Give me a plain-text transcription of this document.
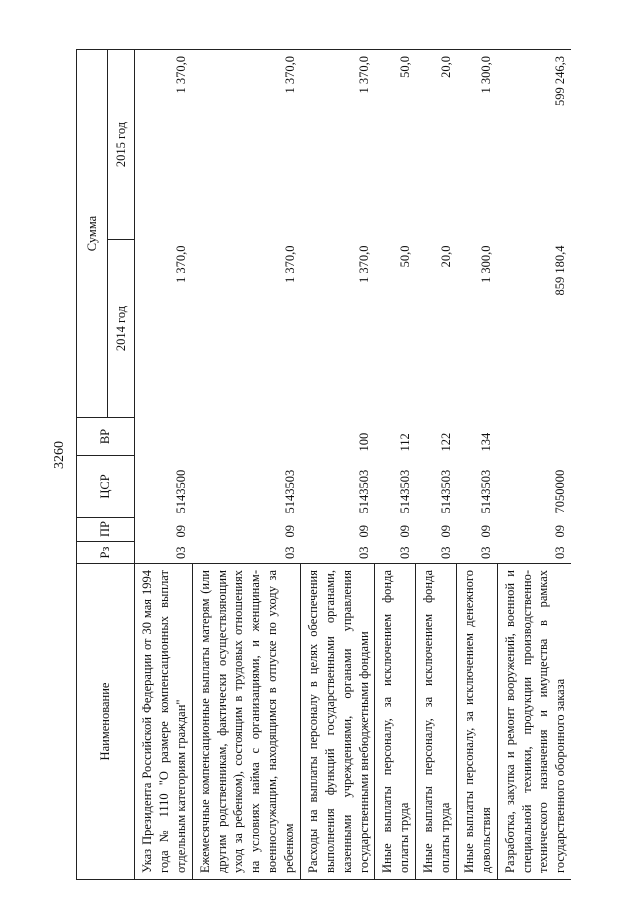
3260
Наименование	Рз	ПР	ЦСР	ВР	Сумма	
					2014 год	2015 год
Указ Президента Российской Федерации от 30 мая 1994 года № 1110 "О размере компенсационных выплат отдельным категориям граждан"	03	09	5143500		1 370,0	1 370,0
Ежемесячные компенсационные выплаты матерям (или другим родственникам, фактически осуществляющим уход за ребенком), состоящим в трудовых отношениях на условиях найма с организациями, и женщинам-военнослужащим, находящимся в отпуске по уходу за ребенком	03	09	5143503		1 370,0	1 370,0
Расходы на выплаты персоналу в целях обеспечения выполнения функций государственными органами, казенными учреждениями, органами управления государственными внебюджетными фондами	03	09	5143503	100	1 370,0	1 370,0
Иные выплаты персоналу, за исключением фонда оплаты труда	03	09	5143503	112	50,0	50,0
Иные выплаты персоналу, за исключением фонда оплаты труда	03	09	5143503	122	20,0	20,0
Иные выплаты персоналу, за исключением денежного довольствия	03	09	5143503	134	1 300,0	1 300,0
Разработка, закупка и ремонт вооружений, военной и специальной техники, продукции производственно-технического назначения и имущества в рамках государственного оборонного заказа	03	09	7050000		859 180,4	599 246,3
